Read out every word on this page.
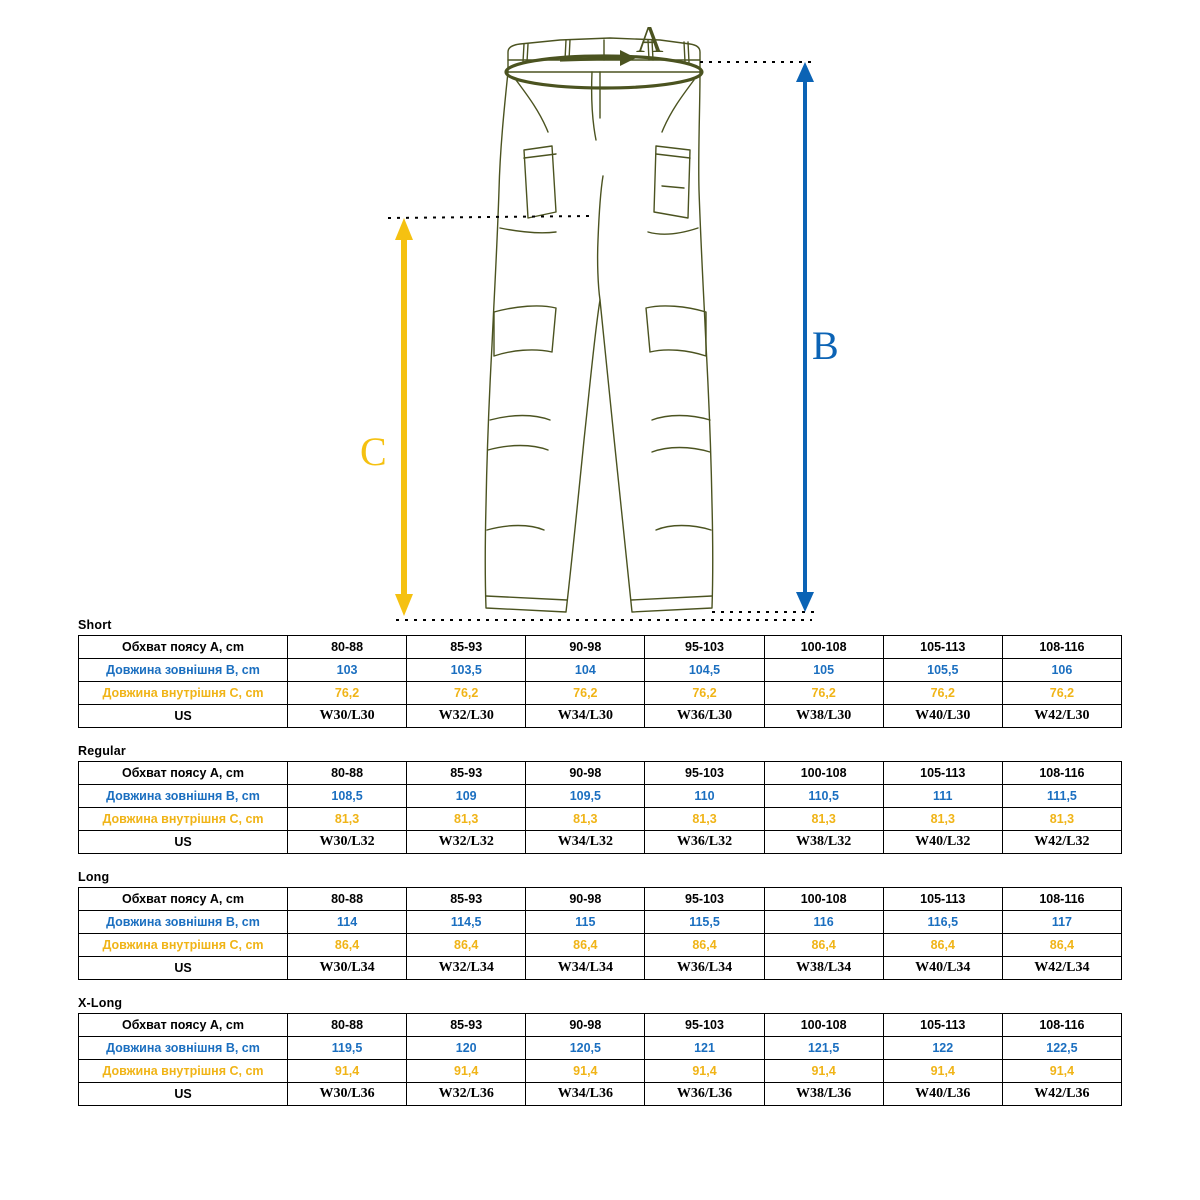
A
B
C
Short
Обхват поясу A, cm	80-88	85-93	90-98	95-103	100-108	105-113	108-116
Довжина зовнішня B, cm	103	103,5	104	104,5	105	105,5	106
Довжина внутрішня C, cm	76,2	76,2	76,2	76,2	76,2	76,2	76,2
US	W30/L30	W32/L30	W34/L30	W36/L30	W38/L30	W40/L30	W42/L30
Regular
Обхват поясу A, cm	80-88	85-93	90-98	95-103	100-108	105-113	108-116
Довжина зовнішня B, cm	108,5	109	109,5	110	110,5	111	111,5
Довжина внутрішня C, cm	81,3	81,3	81,3	81,3	81,3	81,3	81,3
US	W30/L32	W32/L32	W34/L32	W36/L32	W38/L32	W40/L32	W42/L32
Long
Обхват поясу A, cm	80-88	85-93	90-98	95-103	100-108	105-113	108-116
Довжина зовнішня B, cm	114	114,5	115	115,5	116	116,5	117
Довжина внутрішня C, cm	86,4	86,4	86,4	86,4	86,4	86,4	86,4
US	W30/L34	W32/L34	W34/L34	W36/L34	W38/L34	W40/L34	W42/L34
X-Long
Обхват поясу A, cm	80-88	85-93	90-98	95-103	100-108	105-113	108-116
Довжина зовнішня B, cm	119,5	120	120,5	121	121,5	122	122,5
Довжина внутрішня C, cm	91,4	91,4	91,4	91,4	91,4	91,4	91,4
US	W30/L36	W32/L36	W34/L36	W36/L36	W38/L36	W40/L36	W42/L36
